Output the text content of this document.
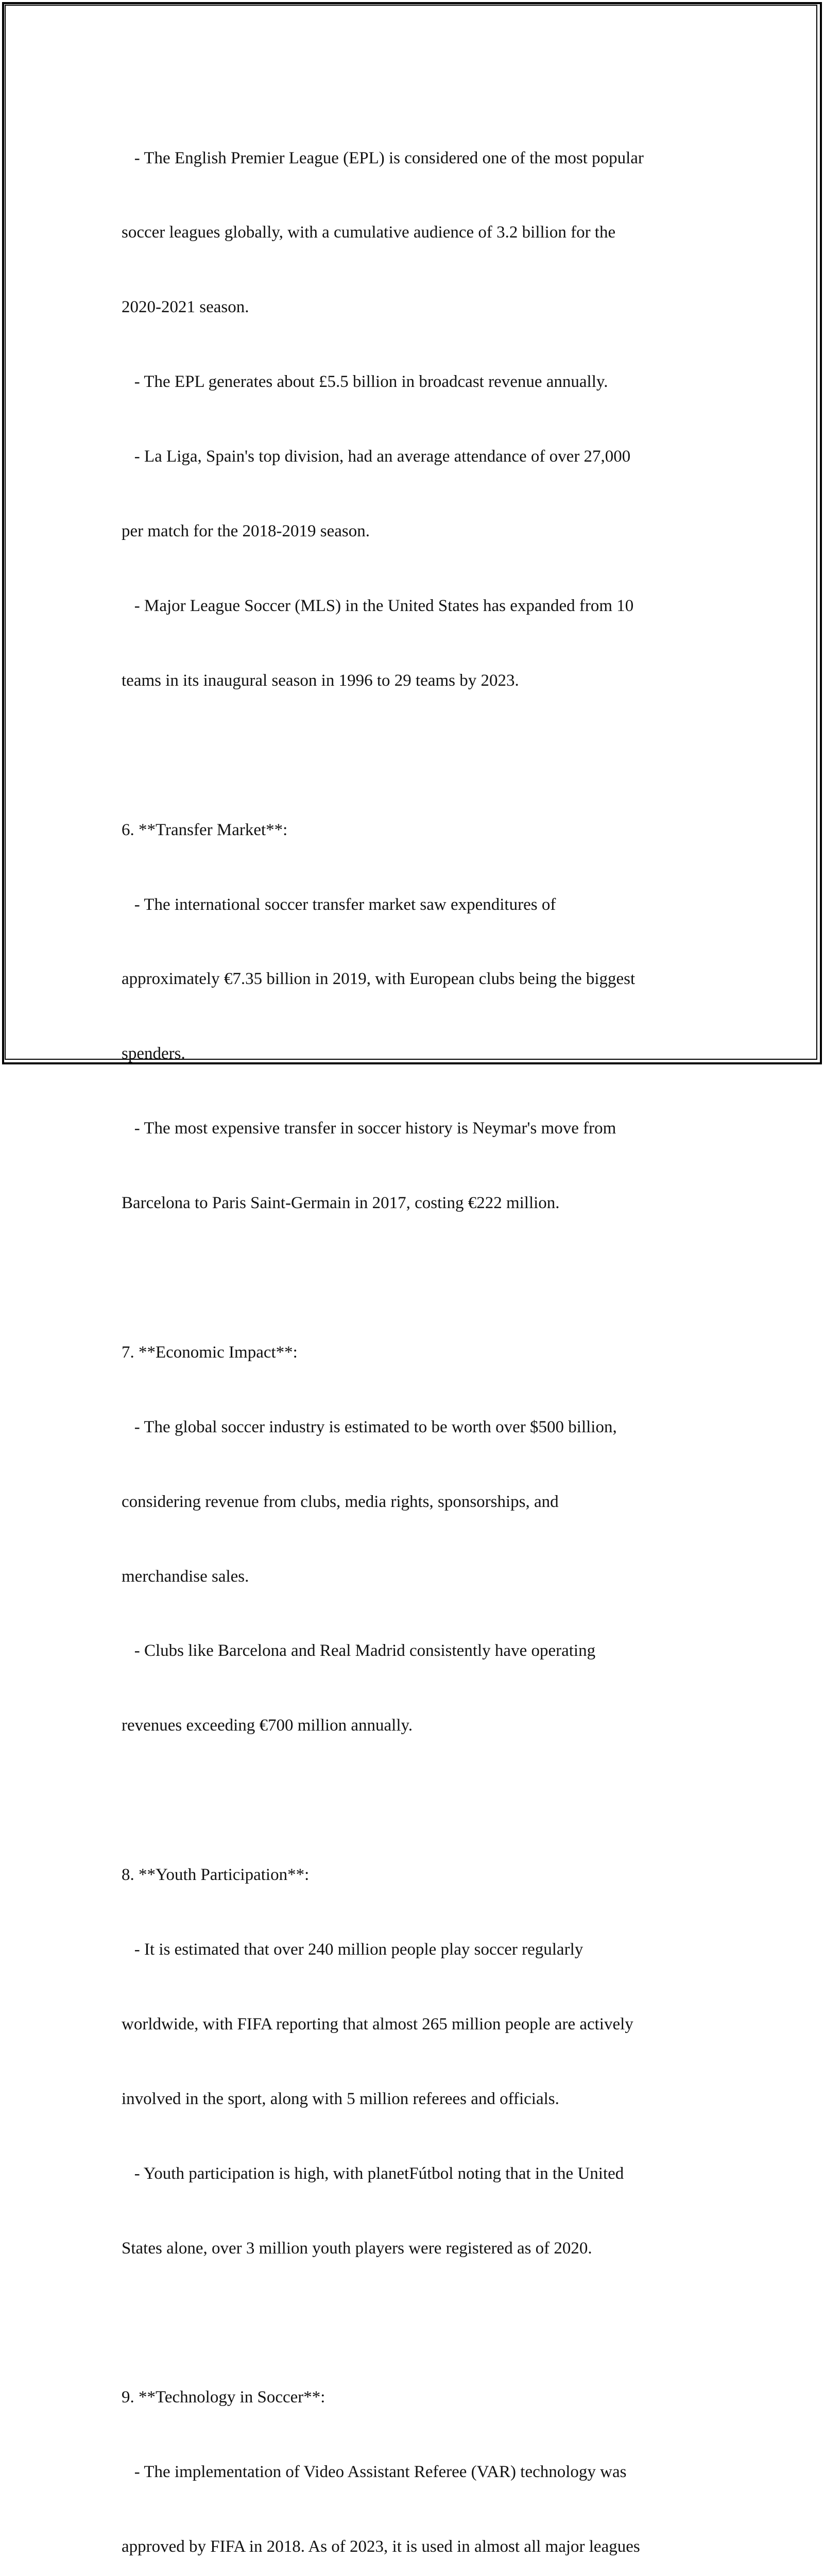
- The English Premier League (EPL) is considered one of the most popular

soccer leagues globally, with a cumulative audience of 3.2 billion for the

2020-2021 season.

- The EPL generates about £5.5 billion in broadcast revenue annually.

- La Liga, Spain's top division, had an average attendance of over 27,000

per match for the 2018-2019 season.

- Major League Soccer (MLS) in the United States has expanded from 10

teams in its inaugural season in 1996 to 29 teams by 2023.

6. **Transfer Market**:

- The international soccer transfer market saw expenditures of

approximately €7.35 billion in 2019, with European clubs being the biggest

spenders.

- The most expensive transfer in soccer history is Neymar's move from

Barcelona to Paris Saint-Germain in 2017, costing €222 million.

7. **Economic Impact**:

- The global soccer industry is estimated to be worth over $500 billion,

considering revenue from clubs, media rights, sponsorships, and

merchandise sales.

- Clubs like Barcelona and Real Madrid consistently have operating

revenues exceeding €700 million annually.

8. **Youth Participation**:

- It is estimated that over 240 million people play soccer regularly

worldwide, with FIFA reporting that almost 265 million people are actively

involved in the sport, along with 5 million referees and officials.

- Youth participation is high, with planetFútbol noting that in the United

States alone, over 3 million youth players were registered as of 2020.

9. **Technology in Soccer**:

- The implementation of Video Assistant Referee (VAR) technology was

approved by FIFA in 2018. As of 2023, it is used in almost all major leagues
